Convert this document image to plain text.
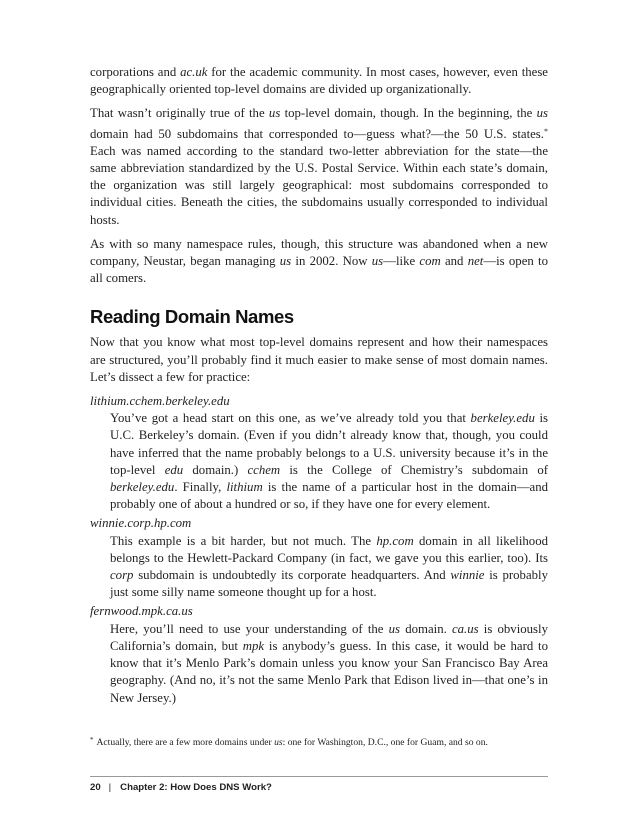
corporations and ac.uk for the academic community. In most cases, however, even these geographically oriented top-level domains are divided up organizationally.

That wasn’t originally true of the us top-level domain, though. In the beginning, the us domain had 50 subdomains that corresponded to—guess what?—the 50 U.S. states.* Each was named according to the standard two-letter abbreviation for the state—the same abbreviation standardized by the U.S. Postal Service. Within each state’s domain, the organization was still largely geographical: most subdomains corresponded to individual cities. Beneath the cities, the subdomains usually corresponded to individual hosts.

As with so many namespace rules, though, this structure was abandoned when a new company, Neustar, began managing us in 2002. Now us—like com and net—is open to all comers.

Reading Domain Names

Now that you know what most top-level domains represent and how their namespaces are structured, you’ll probably find it much easier to make sense of most domain names. Let’s dissect a few for practice:

lithium.cchem.berkeley.edu
You’ve got a head start on this one, as we’ve already told you that berkeley.edu is U.C. Berkeley’s domain. (Even if you didn’t already know that, though, you could have inferred that the name probably belongs to a U.S. university because it’s in the top-level edu domain.) cchem is the College of Chemistry’s subdomain of berkeley.edu. Finally, lithium is the name of a particular host in the domain—and probably one of about a hundred or so, if they have one for every element.
winnie.corp.hp.com
This example is a bit harder, but not much. The hp.com domain in all likelihood belongs to the Hewlett-Packard Company (in fact, we gave you this earlier, too). Its corp subdomain is undoubtedly its corporate headquarters. And winnie is probably just some silly name someone thought up for a host.
fernwood.mpk.ca.us
Here, you’ll need to use your understanding of the us domain. ca.us is obviously California’s domain, but mpk is anybody’s guess. In this case, it would be hard to know that it’s Menlo Park’s domain unless you know your San Francisco Bay Area geography. (And no, it’s not the same Menlo Park that Edison lived in—that one’s in New Jersey.)
* Actually, there are a few more domains under us: one for Washington, D.C., one for Guam, and so on.
20 | Chapter 2: How Does DNS Work?
